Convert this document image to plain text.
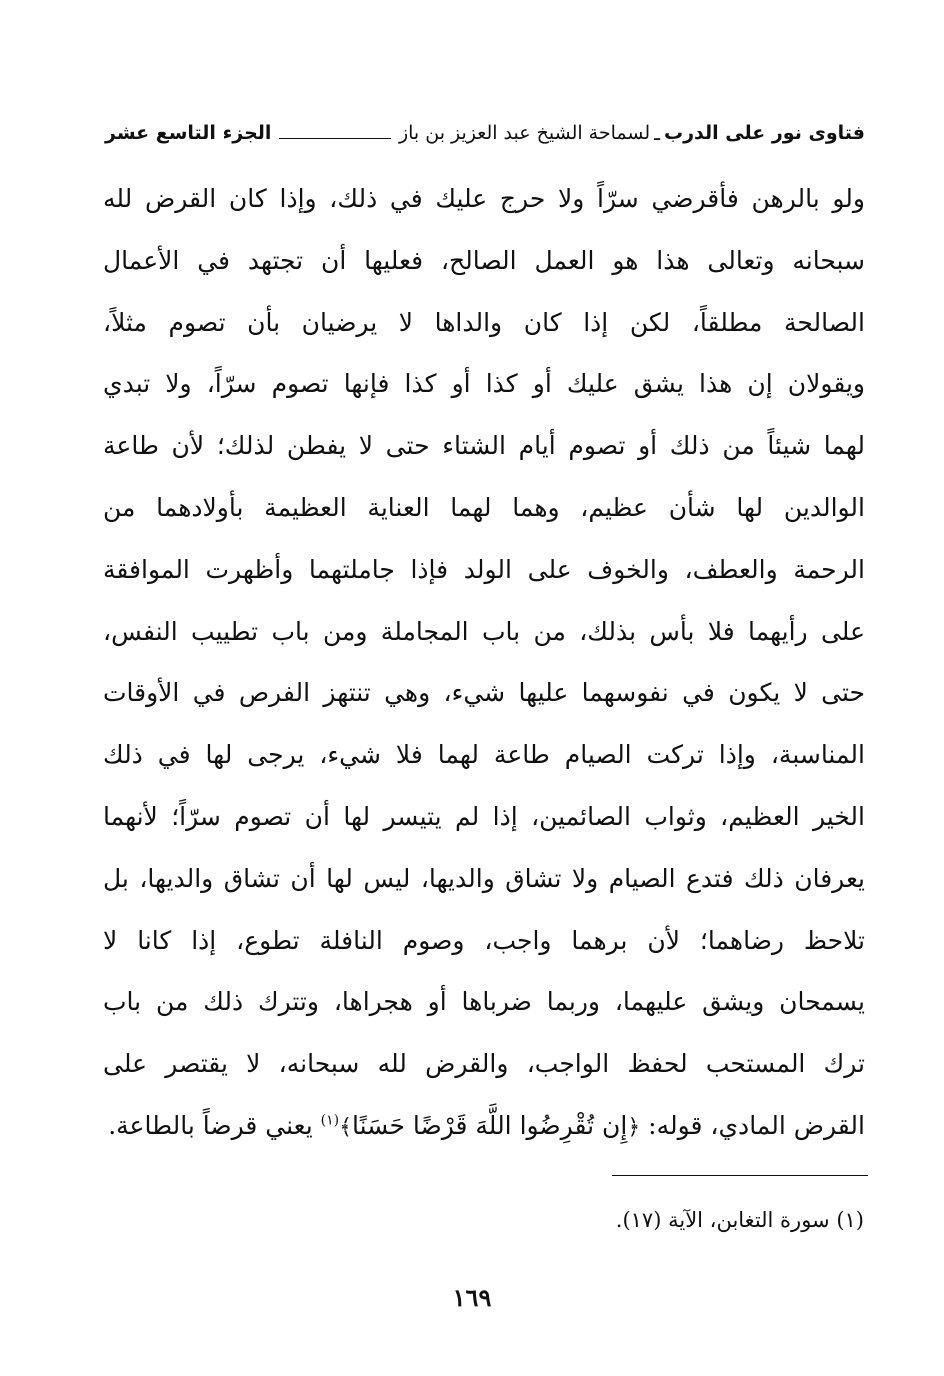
فتاوى نور على الدرب
ـ
لسماحة الشيخ عبد العزيز بن باز
الجزء التاسع عشر
ولو بالرهن فأقرضي سرّاً ولا حرج عليك في ذلك، وإذا كان القرض لله
سبحانه وتعالى هذا هو العمل الصالح، فعليها أن تجتهد في الأعمال
الصالحة مطلقاً، لكن إذا كان والداها لا يرضيان بأن تصوم مثلاً،
ويقولان إن هذا يشق عليك أو كذا أو كذا فإنها تصوم سرّاً، ولا تبدي
لهما شيئاً من ذلك أو تصوم أيام الشتاء حتى لا يفطن لذلك؛ لأن طاعة
الوالدين لها شأن عظيم، وهما لهما العناية العظيمة بأولادهما من
الرحمة والعطف، والخوف على الولد فإذا جاملتهما وأظهرت الموافقة
على رأيهما فلا بأس بذلك، من باب المجاملة ومن باب تطييب النفس،
حتى لا يكون في نفوسهما عليها شيء، وهي تنتهز الفرص في الأوقات
المناسبة، وإذا تركت الصيام طاعة لهما فلا شيء، يرجى لها في ذلك
الخير العظيم، وثواب الصائمين، إذا لم يتيسر لها أن تصوم سرّاً؛ لأنهما
يعرفان ذلك فتدع الصيام ولا تشاق والديها، ليس لها أن تشاق والديها، بل
تلاحظ رضاهما؛ لأن برهما واجب، وصوم النافلة تطوع، إذا كانا لا
يسمحان ويشق عليهما، وربما ضرباها أو هجراها، وتترك ذلك من باب
ترك المستحب لحفظ الواجب، والقرض لله سبحانه، لا يقتصر على
القرض المادي، قوله: ﴿إِن تُقْرِضُوا اللَّهَ قَرْضًا حَسَنًا﴾$^{(١)}$ يعني قرضاً بالطاعة.
(١) سورة التغابن، الآية (١٧).
١٦٩
